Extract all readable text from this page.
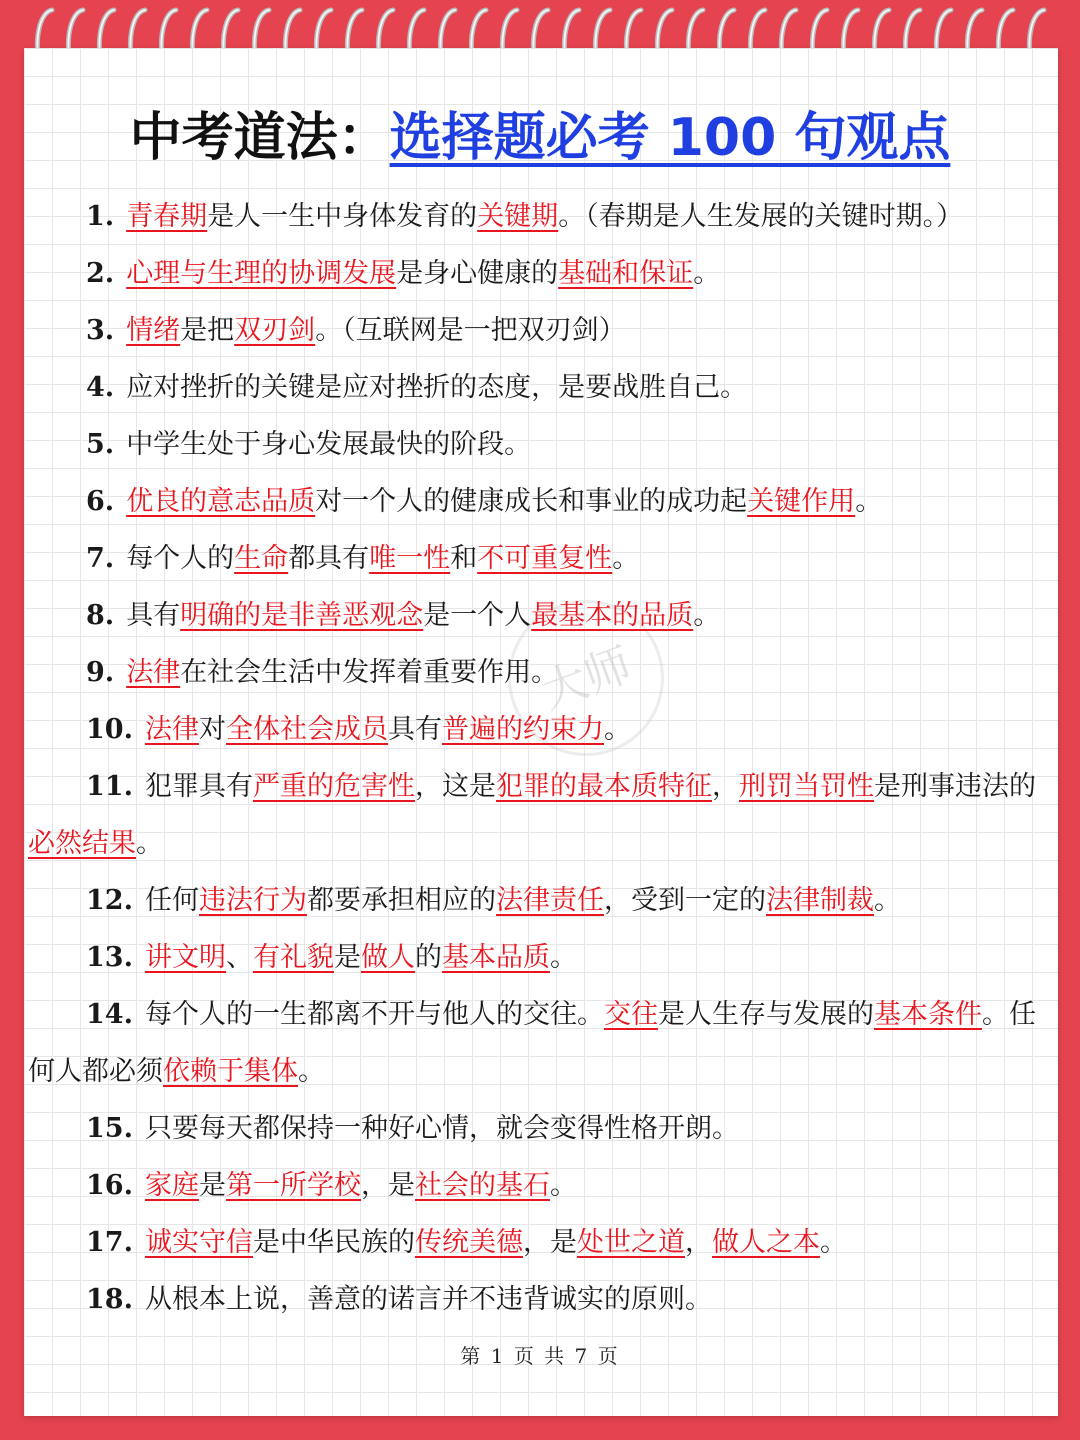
中考道法：选择题必考 100 句观点
大师
1. 青春期是人一生中身体发育的关键期。（春期是人生发展的关键时期。）
2. 心理与生理的协调发展是身心健康的基础和保证。
3. 情绪是把双刃剑。（互联网是一把双刃剑）
4. 应对挫折的关键是应对挫折的态度，是要战胜自己。
5. 中学生处于身心发展最快的阶段。
6. 优良的意志品质对一个人的健康成长和事业的成功起关键作用。
7. 每个人的生命都具有唯一性和不可重复性。
8. 具有明确的是非善恶观念是一个人最基本的品质。
9. 法律在社会生活中发挥着重要作用。
10. 法律对全体社会成员具有普遍的约束力。
11. 犯罪具有严重的危害性，这是犯罪的最本质特征，刑罚当罚性是刑事违法的必然结果。
12. 任何违法行为都要承担相应的法律责任，受到一定的法律制裁。
13. 讲文明、有礼貌是做人的基本品质。
14. 每个人的一生都离不开与他人的交往。交往是人生存与发展的基本条件。任何人都必须依赖于集体。
15. 只要每天都保持一种好心情，就会变得性格开朗。
16. 家庭是第一所学校，是社会的基石。
17. 诚实守信是中华民族的传统美德，是处世之道，做人之本。
18. 从根本上说，善意的诺言并不违背诚实的原则。
第 1 页 共 7 页
